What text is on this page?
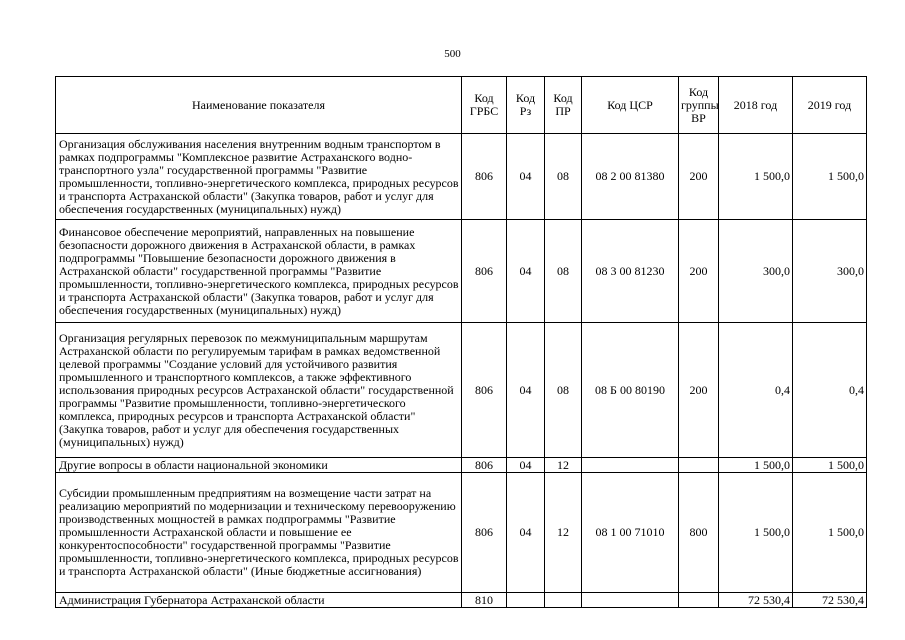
500
Наименование показателя	Код ГРБС	Код Рз	Код ПР	Код ЦСР	Код группы ВР	2018 год	2019 год
Организация обслуживания населения внутренним водным транспортом в рамках подпрограммы "Комплексное развитие Астраханского водно-транспортного узла" государственной программы "Развитие промышленности, топливно-энергетического комплекса, природных ресурсов и транспорта Астраханской области" (Закупка товаров, работ и услуг для обеспечения государственных (муниципальных) нужд)	806	04	08	08 2 00 81380	200	1 500,0	1 500,0
Финансовое обеспечение мероприятий, направленных на повышение безопасности дорожного движения в Астраханской области, в рамках подпрограммы "Повышение безопасности дорожного движения в Астраханской области" государственной программы "Развитие промышленности, топливно-энергетического комплекса, природных ресурсов и транспорта Астраханской области" (Закупка товаров, работ и услуг для обеспечения государственных (муниципальных) нужд)	806	04	08	08 3 00 81230	200	300,0	300,0
Организация регулярных перевозок по межмуниципальным маршрутам Астраханской области по регулируемым тарифам в рамках ведомственной целевой программы "Создание условий для устойчивого развития промышленного и транспортного комплексов, а также эффективного использования природных ресурсов Астраханской области" государственной программы "Развитие промышленности, топливно-энергетического комплекса, природных ресурсов и транспорта Астраханской области" (Закупка товаров, работ и услуг для обеспечения государственных (муниципальных) нужд)	806	04	08	08 Б 00 80190	200	0,4	0,4
Другие вопросы в области национальной экономики	806	04	12			1 500,0	1 500,0
Субсидии промышленным предприятиям на возмещение части затрат на реализацию мероприятий по модернизации и техническому перевооружению производственных мощностей в рамках подпрограммы "Развитие промышленности Астраханской области и повышение ее конкурентоспособности" государственной программы "Развитие промышленности, топливно-энергетического комплекса, природных ресурсов и транспорта Астраханской области" (Иные бюджетные ассигнования)	806	04	12	08 1 00 71010	800	1 500,0	1 500,0
Администрация Губернатора Астраханской области	810					72 530,4	72 530,4
